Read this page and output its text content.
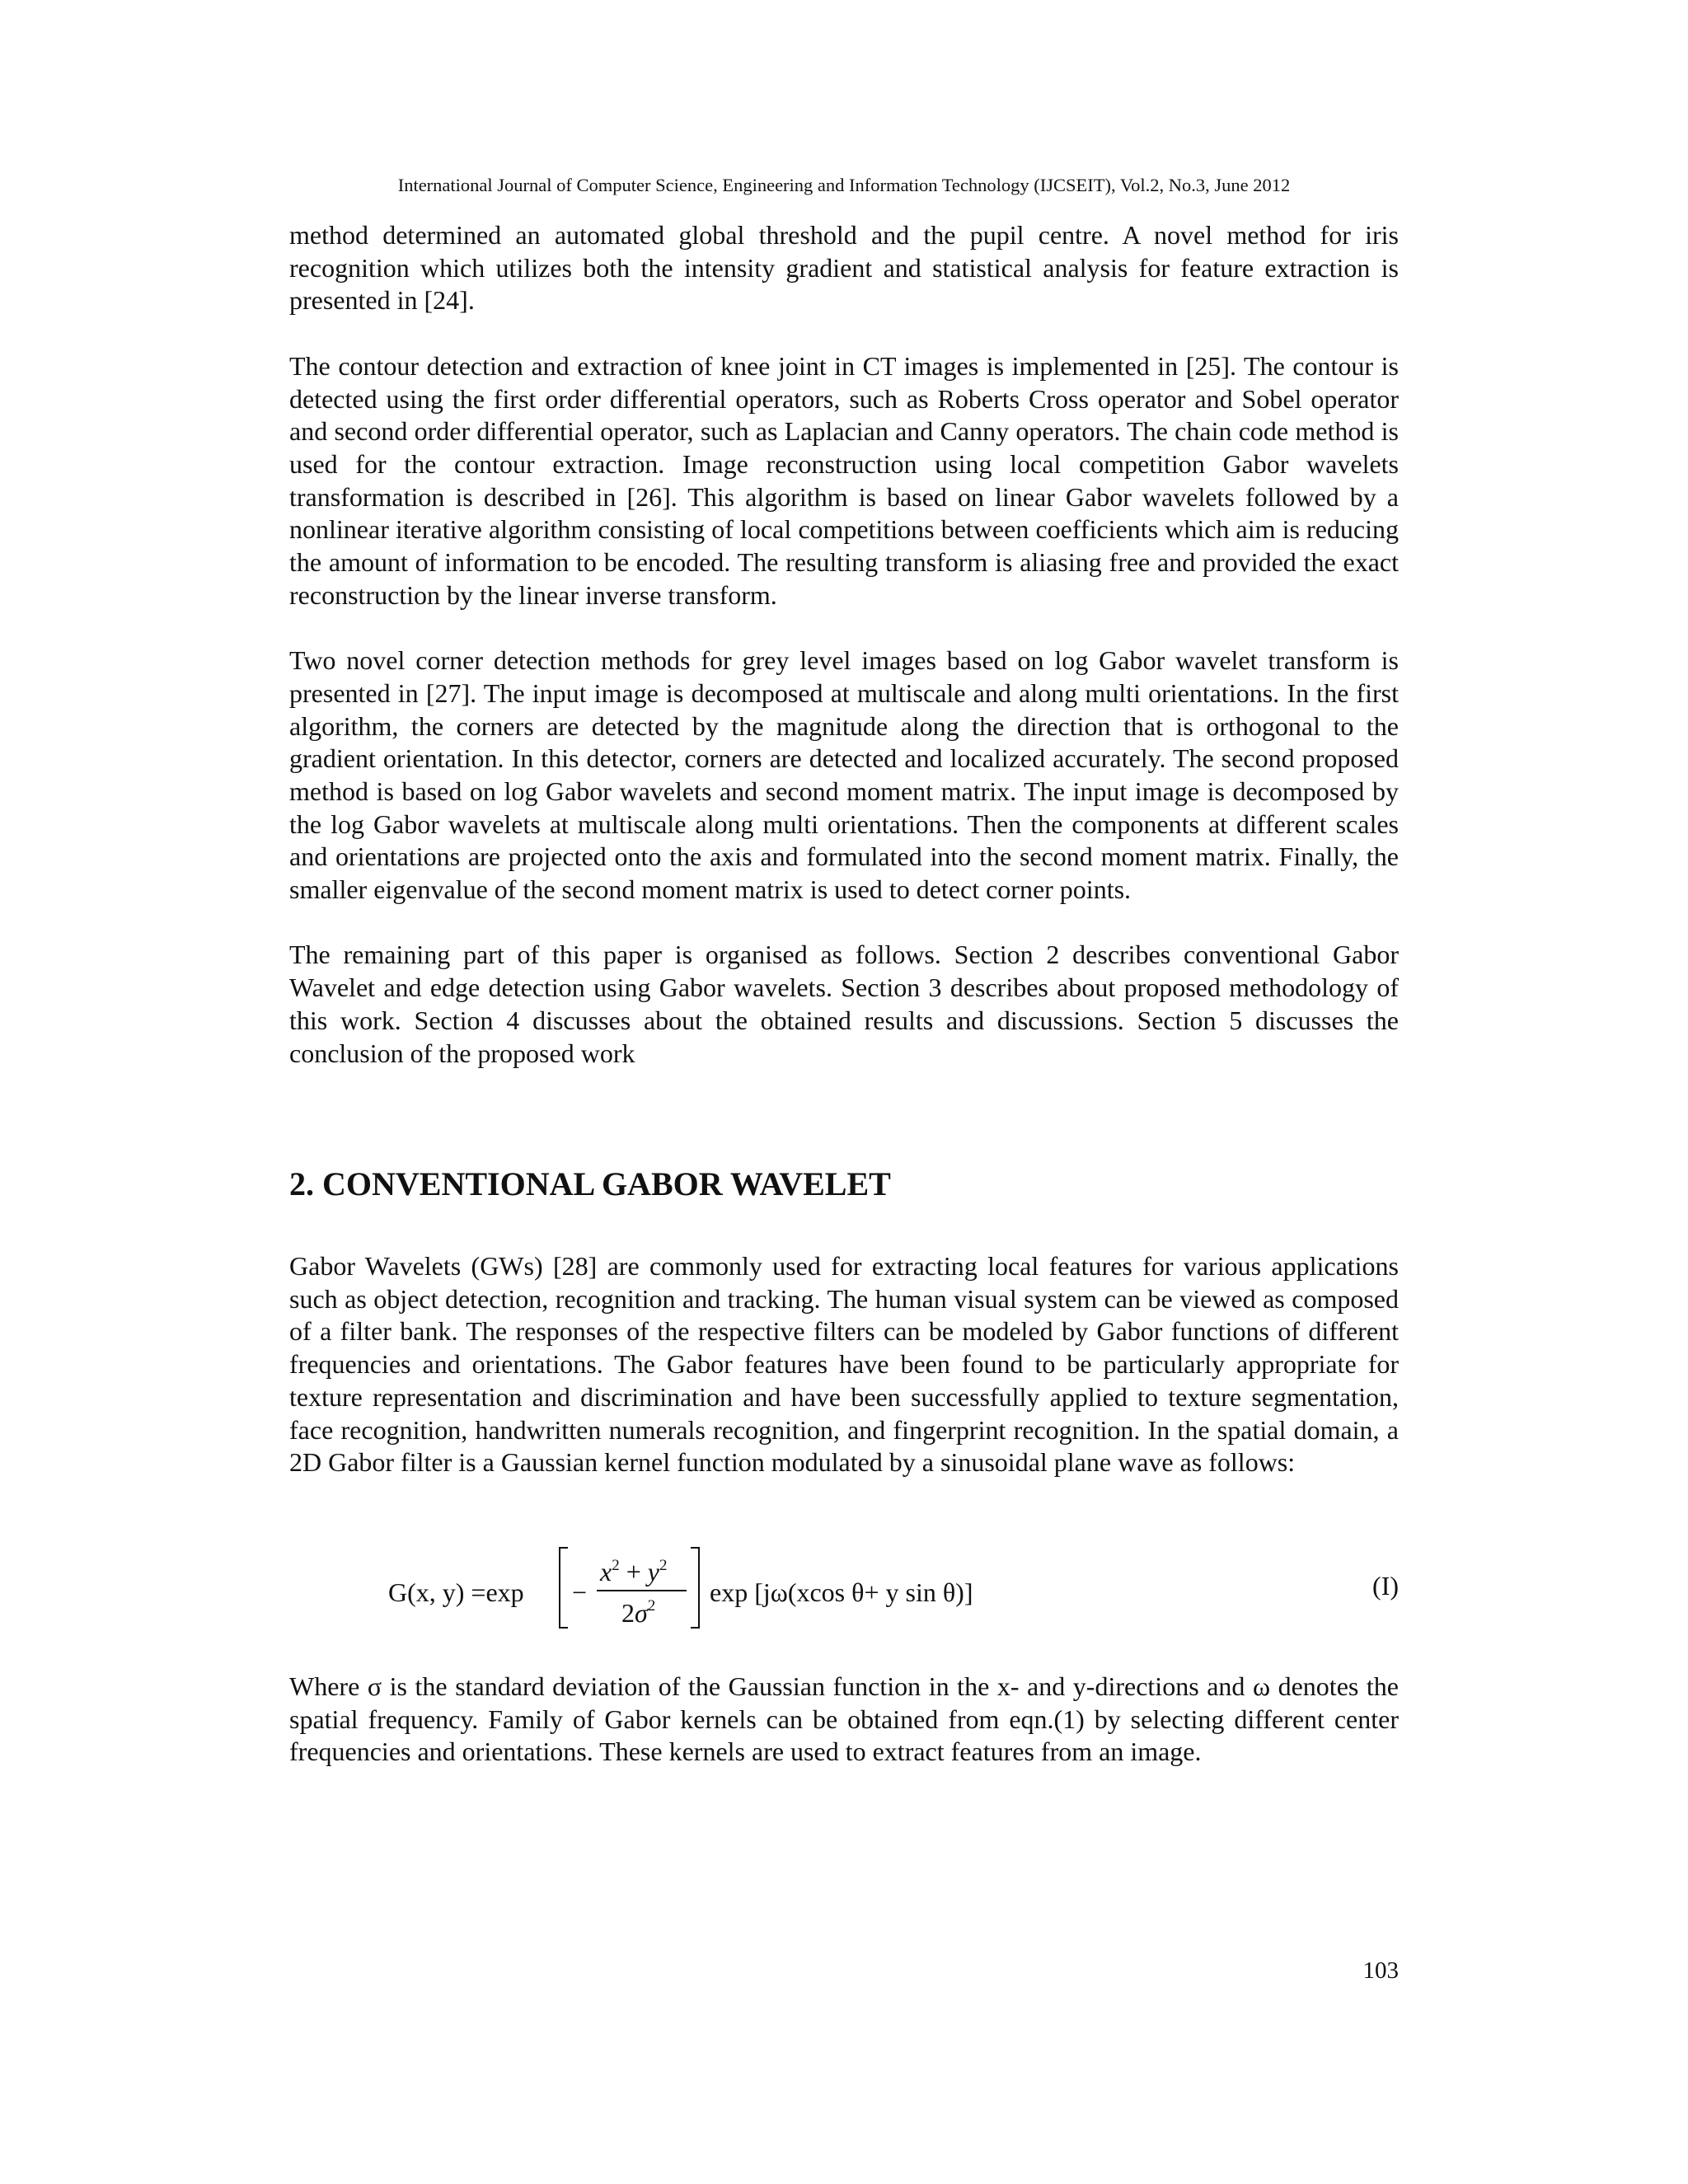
International Journal of Computer Science, Engineering and Information Technology (IJCSEIT), Vol.2, No.3, June 2012

method determined an automated global threshold and the pupil centre. A novel method for iris recognition which utilizes both the intensity gradient and statistical analysis for feature extraction is presented in [24].

The contour detection and extraction of knee joint in CT images is implemented in [25]. The contour is detected using the first order differential operators, such as Roberts Cross operator and Sobel operator and second order differential operator, such as Laplacian and Canny operators. The chain code method is used for the contour extraction. Image reconstruction using local competition Gabor wavelets transformation is described in [26]. This algorithm is based on linear Gabor wavelets followed by a nonlinear iterative algorithm consisting of local competitions between coefficients which aim is reducing the amount of information to be encoded. The resulting transform is aliasing free and provided the exact reconstruction by the linear inverse transform.

Two novel corner detection methods for grey level images based on log Gabor wavelet transform is presented in [27]. The input image is decomposed at multiscale and along multi orientations. In the first algorithm, the corners are detected by the magnitude along the direction that is orthogonal to the gradient orientation. In this detector, corners are detected and localized accurately. The second proposed method is based on log Gabor wavelets and second moment matrix. The input image is decomposed by the log Gabor wavelets at multiscale along multi orientations. Then the components at different scales and orientations are projected onto the axis and formulated into the second moment matrix. Finally, the smaller eigenvalue of the second moment matrix is used to detect corner points.

The remaining part of this paper is organised as follows. Section 2 describes conventional Gabor Wavelet and edge detection using Gabor wavelets. Section 3 describes about proposed methodology of this work. Section 4 discusses about the obtained results and discussions. Section 5 discusses the conclusion of the proposed work

2. CONVENTIONAL GABOR WAVELET

Gabor Wavelets (GWs) [28] are commonly used for extracting local features for various applications such as object detection, recognition and tracking. The human visual system can be viewed as composed of a filter bank. The responses of the respective filters can be modeled by Gabor functions of different frequencies and orientations. The Gabor features have been found to be particularly appropriate for texture representation and discrimination and have been successfully applied to texture segmentation, face recognition, handwritten numerals recognition, and fingerprint recognition. In the spatial domain, a 2D Gabor filter is a Gaussian kernel function modulated by a sinusoidal plane wave as follows:

G(x, y) =exp −
$x^2 + y^2$
$2\sigma^2$ exp [jω(xcos θ+ y sin θ)]	(I)

Where σ is the standard deviation of the Gaussian function in the x- and y-directions and ω denotes the spatial frequency. Family of Gabor kernels can be obtained from eqn.(1) by selecting different center frequencies and orientations. These kernels are used to extract features from an image.

103
